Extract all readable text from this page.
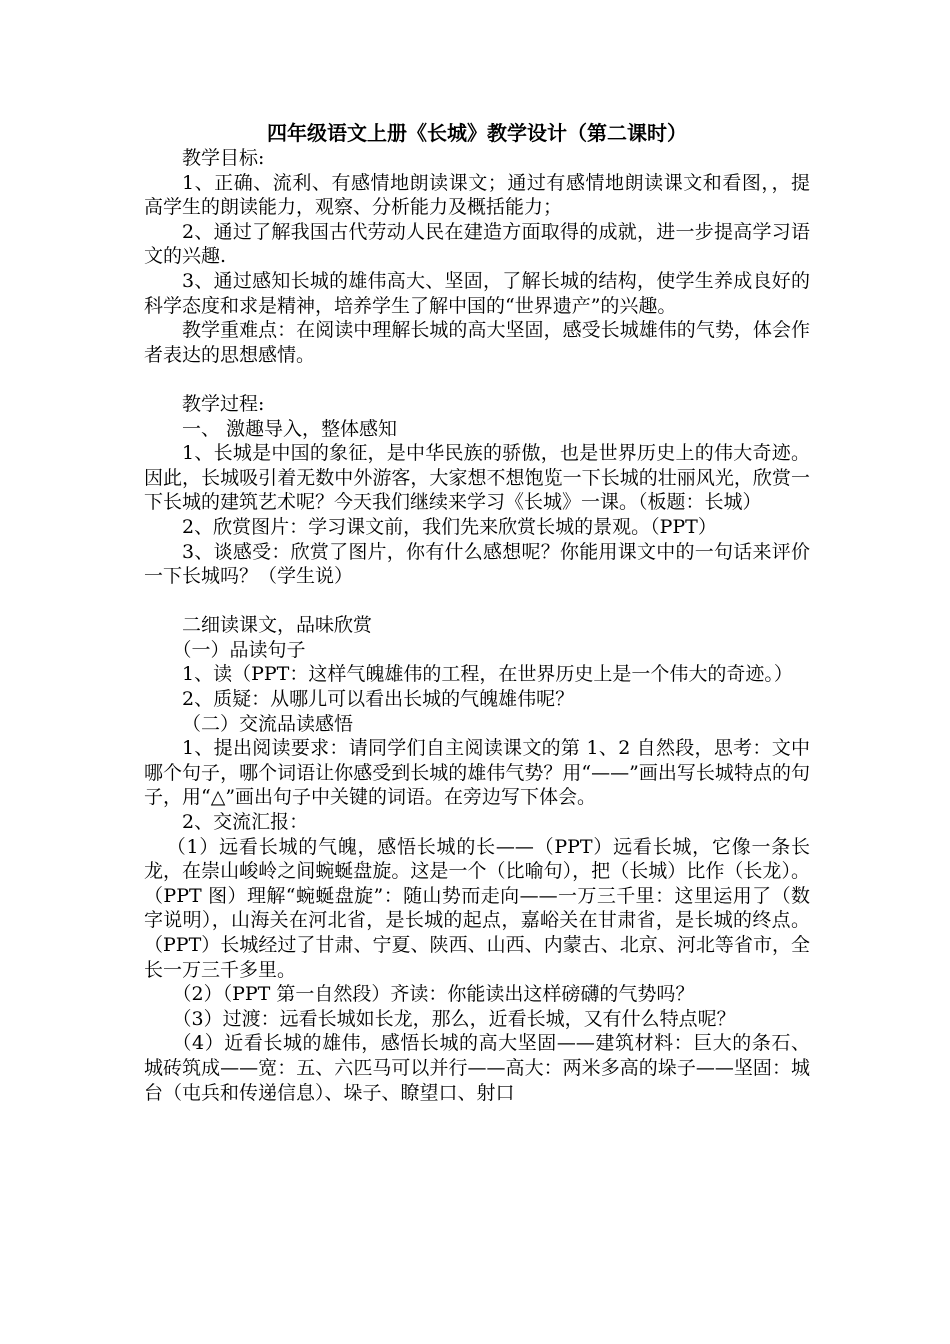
四年级语文上册《长城》教学设计（第二课时）

教学目标:

1、正确、流利、有感情地朗读课文；通过有感情地朗读课文和看图，，提高学生的朗读能力，观察、分析能力及概括能力；

2、通过了解我国古代劳动人民在建造方面取得的成就，进一步提高学习语文的兴趣.

3、通过感知长城的雄伟高大、坚固，了解长城的结构，使学生养成良好的科学态度和求是精神，培养学生了解中国的“世界遗产”的兴趣。

教学重难点：在阅读中理解长城的高大坚固，感受长城雄伟的气势，体会作者表达的思想感情。

教学过程:

一、 激趣导入，整体感知

1、长城是中国的象征，是中华民族的骄傲，也是世界历史上的伟大奇迹。因此，长城吸引着无数中外游客，大家想不想饱览一下长城的壮丽风光，欣赏一下长城的建筑艺术呢？今天我们继续来学习《长城》一课。（板题：长城）

2、欣赏图片：学习课文前，我们先来欣赏长城的景观。（PPT）

3、谈感受：欣赏了图片，你有什么感想呢？你能用课文中的一句话来评价一下长城吗？（学生说）

二细读课文，品味欣赏

（一）品读句子

1、读（PPT：这样气魄雄伟的工程，在世界历史上是一个伟大的奇迹。）

2、质疑：从哪儿可以看出长城的气魄雄伟呢？

（二）交流品读感悟

1、提出阅读要求：请同学们自主阅读课文的第 1、2 自然段，思考：文中哪个句子，哪个词语让你感受到长城的雄伟气势？用“——”画出写长城特点的句子，用“△”画出句子中关键的词语。在旁边写下体会。

2、交流汇报：

（1）远看长城的气魄，感悟长城的长——（PPT）远看长城，它像一条长龙，在崇山峻岭之间蜿蜒盘旋。这是一个（比喻句），把（长城）比作（长龙）。（PPT 图）理解“蜿蜒盘旋”：随山势而走向——一万三千里：这里运用了（数字说明），山海关在河北省，是长城的起点，嘉峪关在甘肃省，是长城的终点。（PPT）长城经过了甘肃、宁夏、陕西、山西、内蒙古、北京、河北等省市，全长一万三千多里。

（2）（PPT 第一自然段）齐读：你能读出这样磅礴的气势吗？

（3）过渡：远看长城如长龙，那么，近看长城，又有什么特点呢？

（4）近看长城的雄伟，感悟长城的高大坚固——建筑材料：巨大的条石、城砖筑成——宽：五、六匹马可以并行——高大：两米多高的垛子——坚固：城台（屯兵和传递信息）、垛子、瞭望口、射口
